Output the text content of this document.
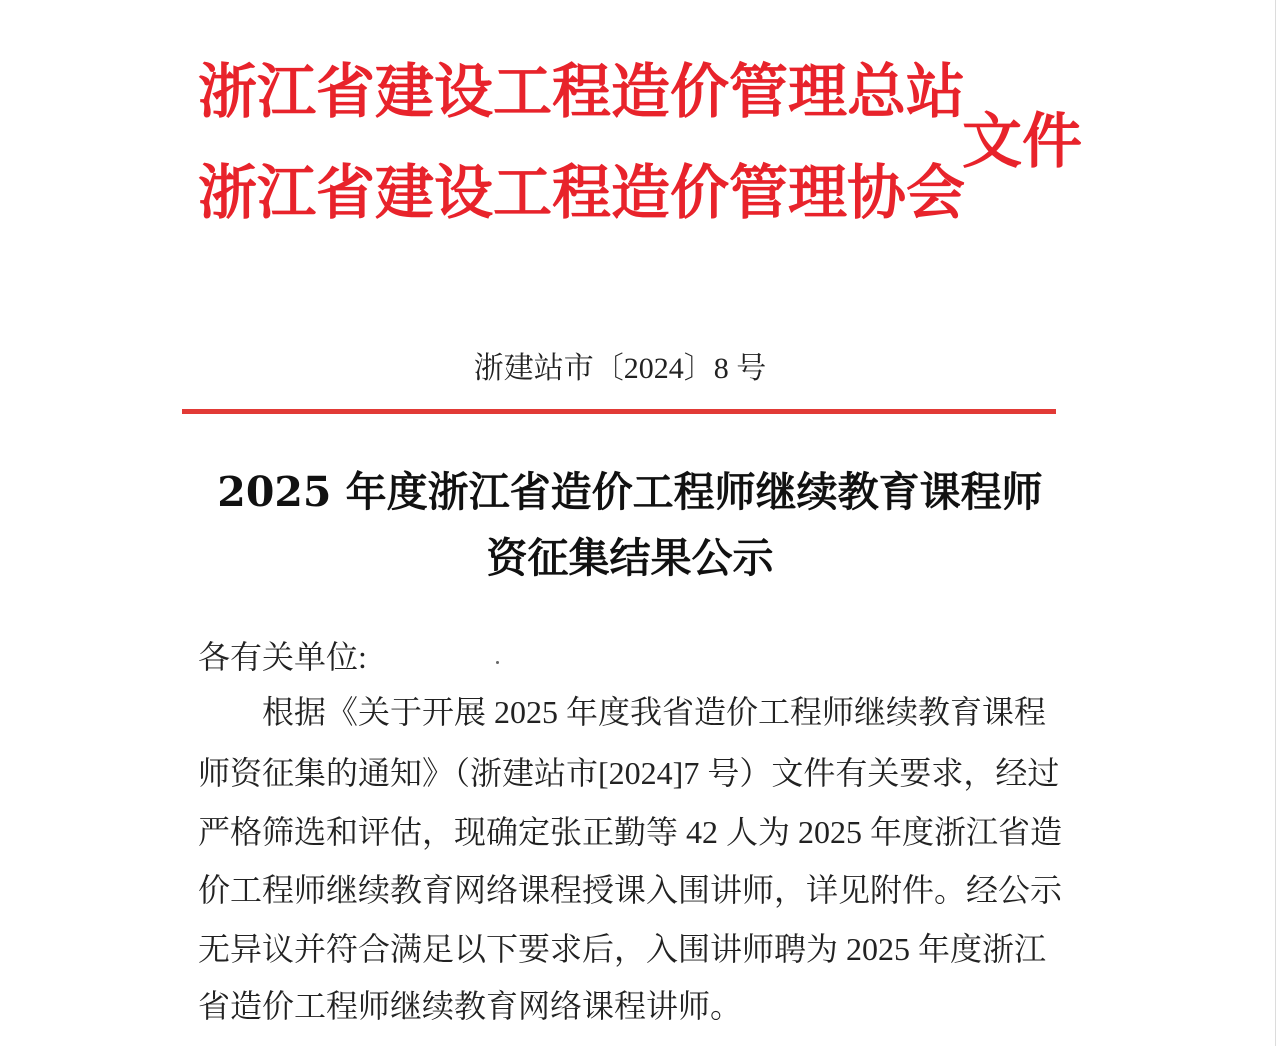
浙江省建设工程造价管理总站
浙江省建设工程造价管理协会
文件
浙建站市〔2024〕8 号
2025 年度浙江省造价工程师继续教育课程师
资征集结果公示
各有关单位:
根据《关于开展 2025 年度我省造价工程师继续教育课程
师资征集的通知》（浙建站市[2024]7 号）文件有关要求，经过
严格筛选和评估，现确定张正勤等 42 人为 2025 年度浙江省造
价工程师继续教育网络课程授课入围讲师，详见附件。经公示
无异议并符合满足以下要求后，入围讲师聘为 2025 年度浙江
省造价工程师继续教育网络课程讲师。
